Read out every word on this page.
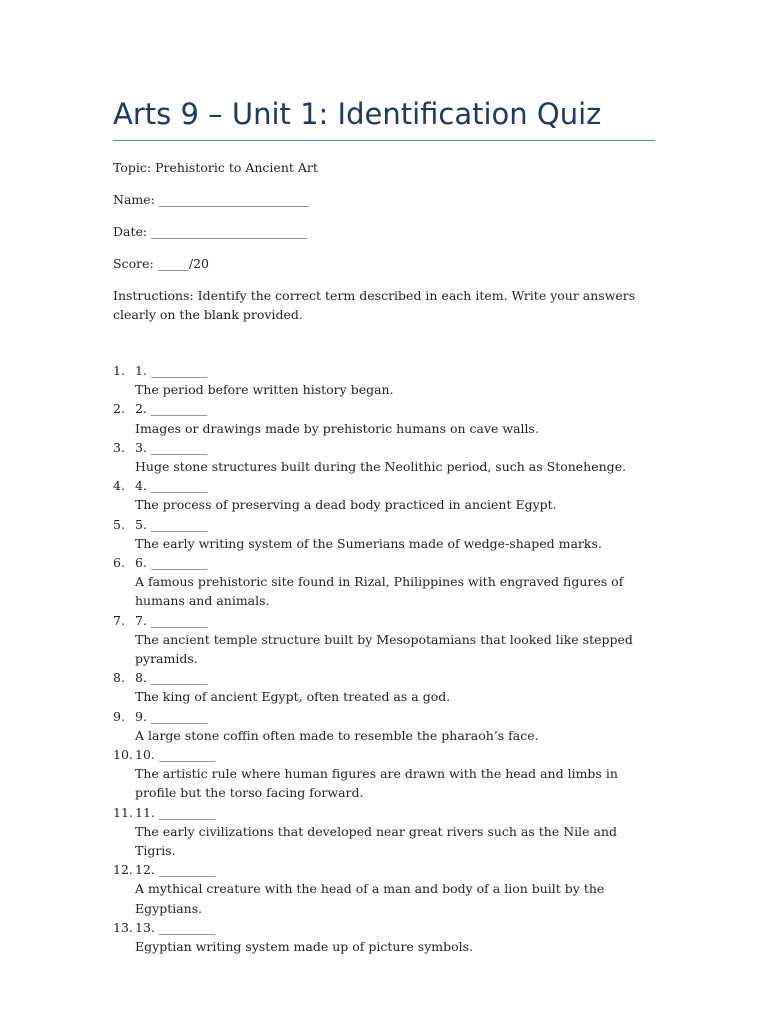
Arts 9 – Unit 1: Identification Quiz

Topic: Prehistoric to Ancient Art

Name: ________________________

Date: _________________________

Score: _____/20

Instructions: Identify the correct term described in each item. Write your answers clearly on the blank provided.

1. 1. _________
The period before written history began.
2. 2. _________
Images or drawings made by prehistoric humans on cave walls.
3. 3. _________
Huge stone structures built during the Neolithic period, such as Stonehenge.
4. 4. _________
The process of preserving a dead body practiced in ancient Egypt.
5. 5. _________
The early writing system of the Sumerians made of wedge-shaped marks.
6. 6. _________
A famous prehistoric site found in Rizal, Philippines with engraved figures of humans and animals.
7. 7. _________
The ancient temple structure built by Mesopotamians that looked like stepped pyramids.
8. 8. _________
The king of ancient Egypt, often treated as a god.
9. 9. _________
A large stone coffin often made to resemble the pharaoh’s face.
10. 10. _________
The artistic rule where human figures are drawn with the head and limbs in profile but the torso facing forward.
11. 11. _________
The early civilizations that developed near great rivers such as the Nile and Tigris.
12. 12. _________
A mythical creature with the head of a man and body of a lion built by the Egyptians.
13. 13. _________
Egyptian writing system made up of picture symbols.
